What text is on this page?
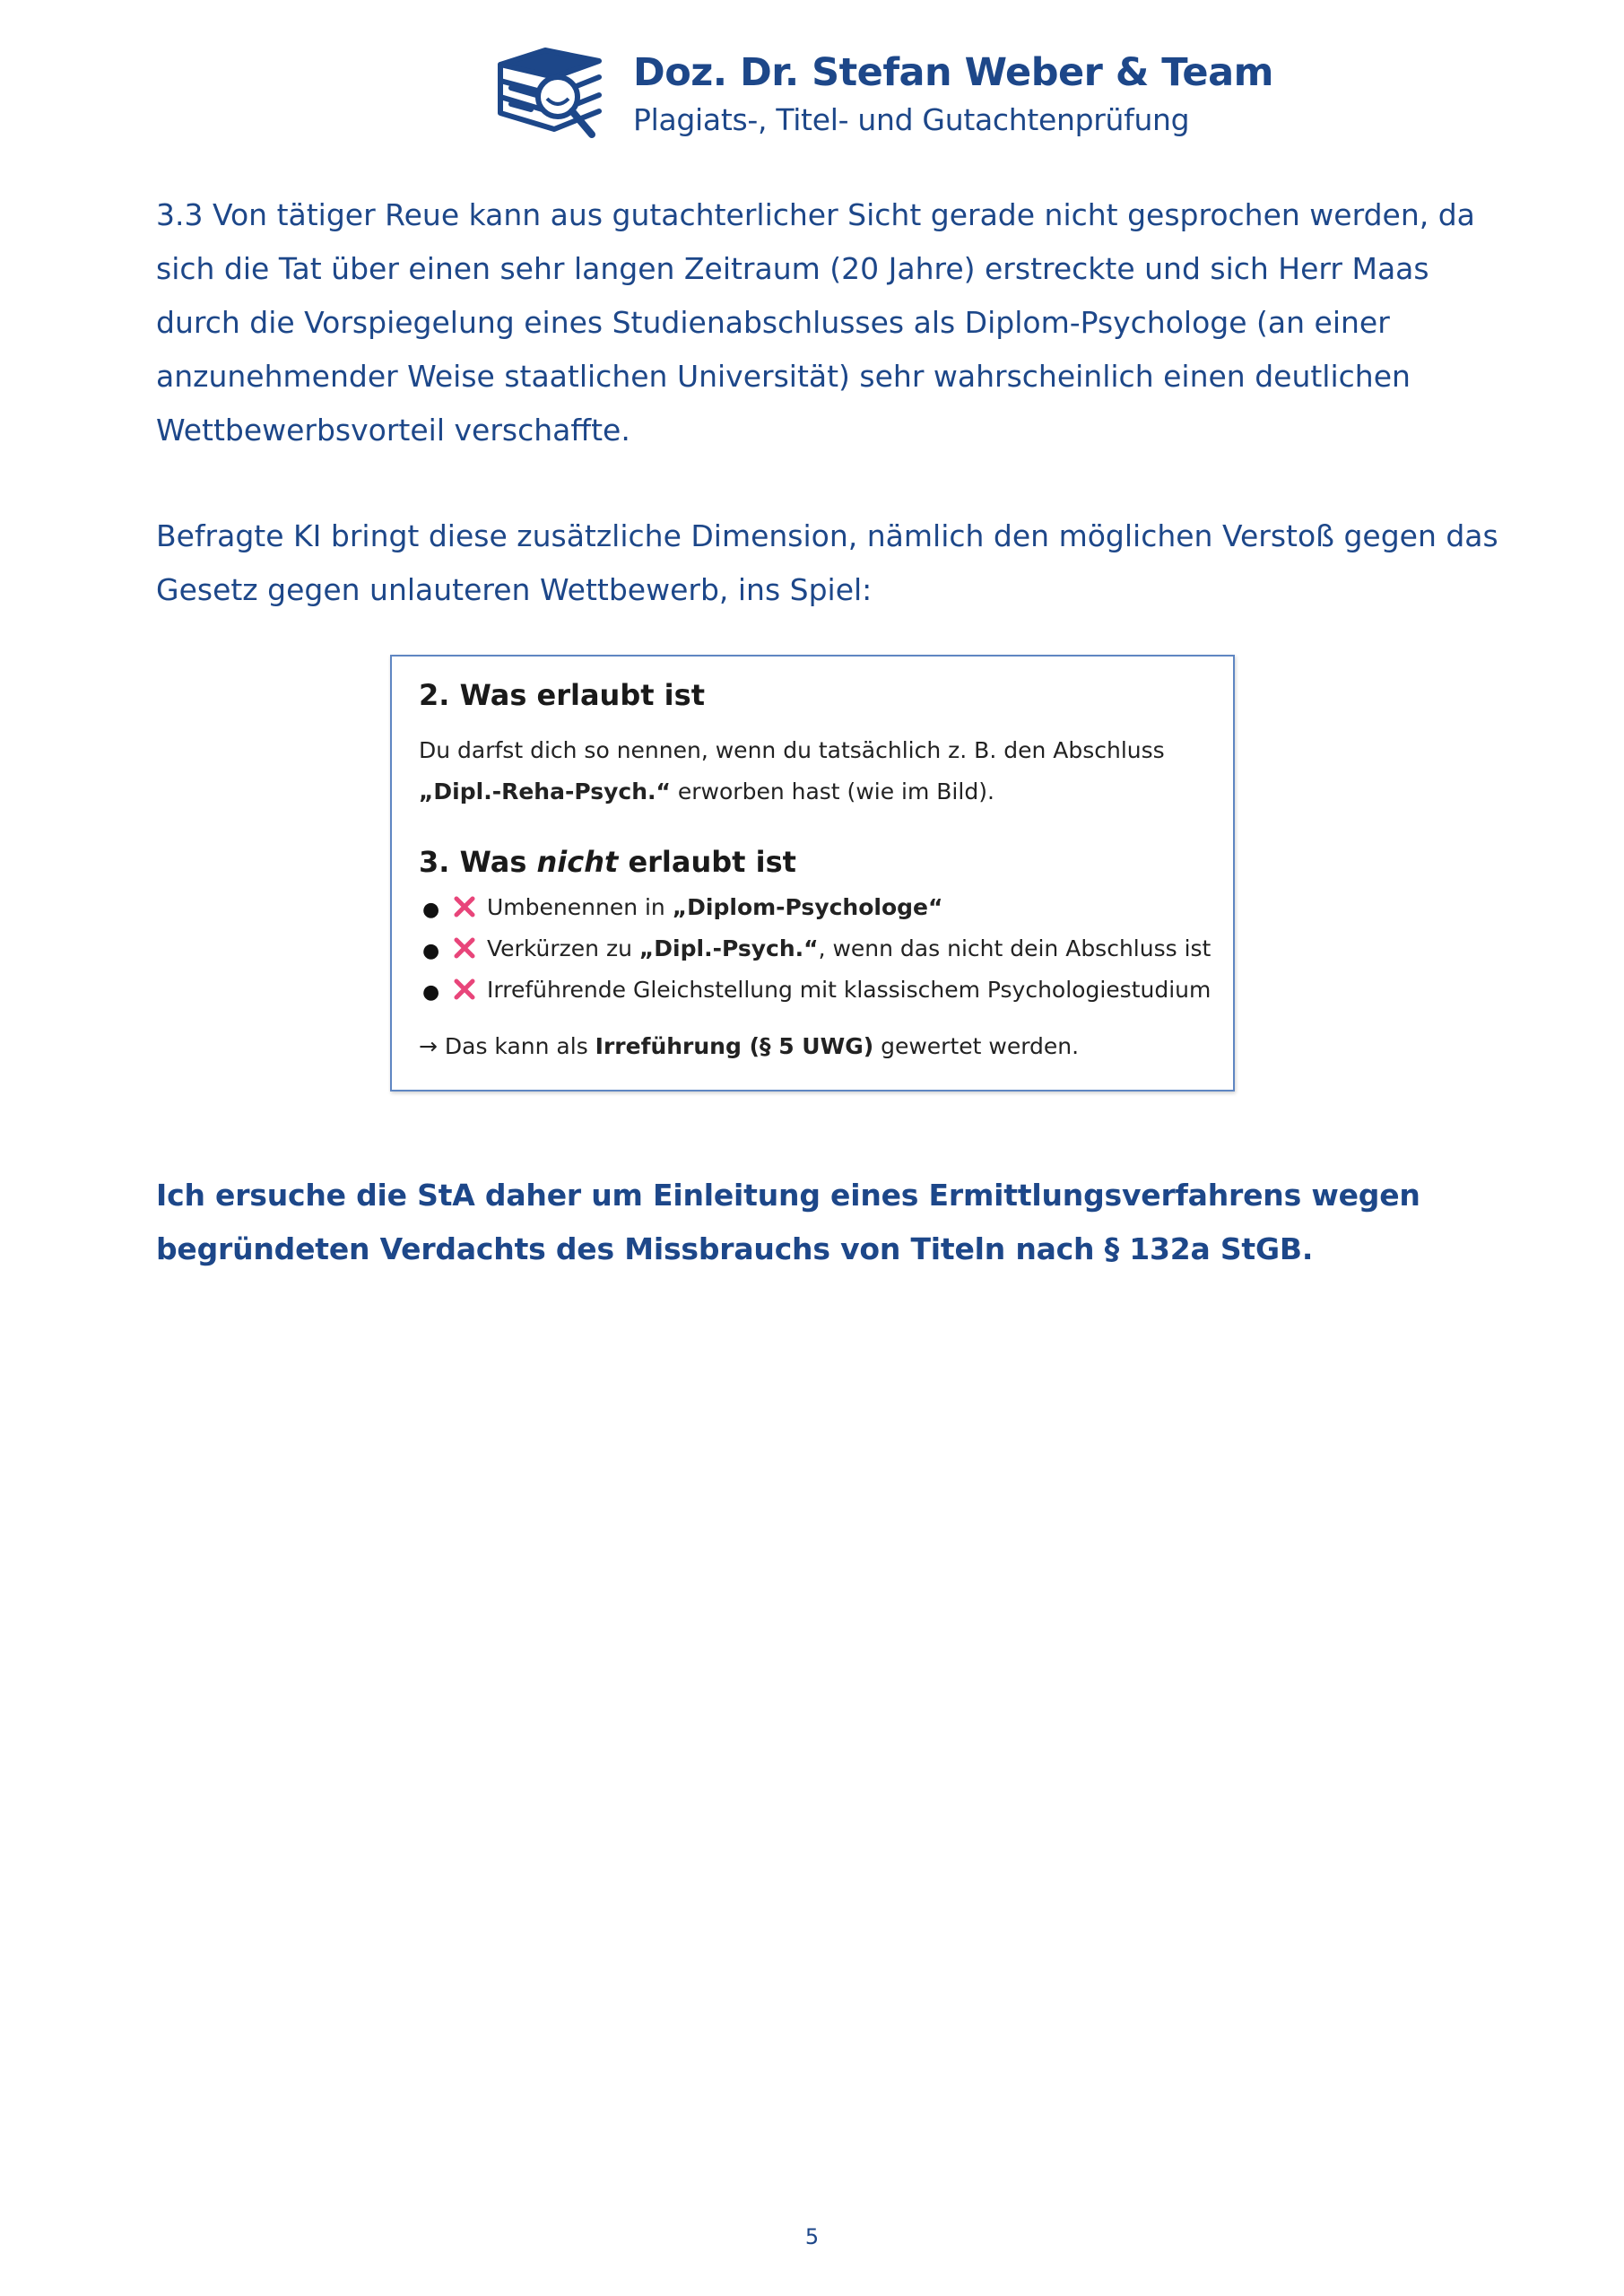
Doz. Dr. Stefan Weber & Team
Plagiats-, Titel- und Gutachtenprüfung

3.3 Von tätiger Reue kann aus gutachterlicher Sicht gerade nicht gesprochen werden, da sich die Tat über einen sehr langen Zeitraum (20 Jahre) erstreckte und sich Herr Maas durch die Vorspiegelung eines Studienabschlusses als Diplom-Psychologe (an einer anzunehmender Weise staatlichen Universität) sehr wahrscheinlich einen deutlichen Wettbewerbsvorteil verschaffte.

Befragte KI bringt diese zusätzliche Dimension, nämlich den möglichen Verstoß gegen das Gesetz gegen unlauteren Wettbewerb, ins Spiel:

2. Was erlaubt ist
Du darfst dich so nennen, wenn du tatsächlich z. B. den Abschluss
„Dipl.-Reha-Psych.“ erworben hast (wie im Bild).
3. Was nicht erlaubt ist
● Umbenennen in „Diplom-Psychologe“
● Verkürzen zu „Dipl.-Psych.“, wenn das nicht dein Abschluss ist
● Irreführende Gleichstellung mit klassischem Psychologiestudium
→ Das kann als Irreführung (§ 5 UWG) gewertet werden.

Ich ersuche die StA daher um Einleitung eines Ermittlungsverfahrens wegen begründeten Verdachts des Missbrauchs von Titeln nach § 132a StGB.

5
